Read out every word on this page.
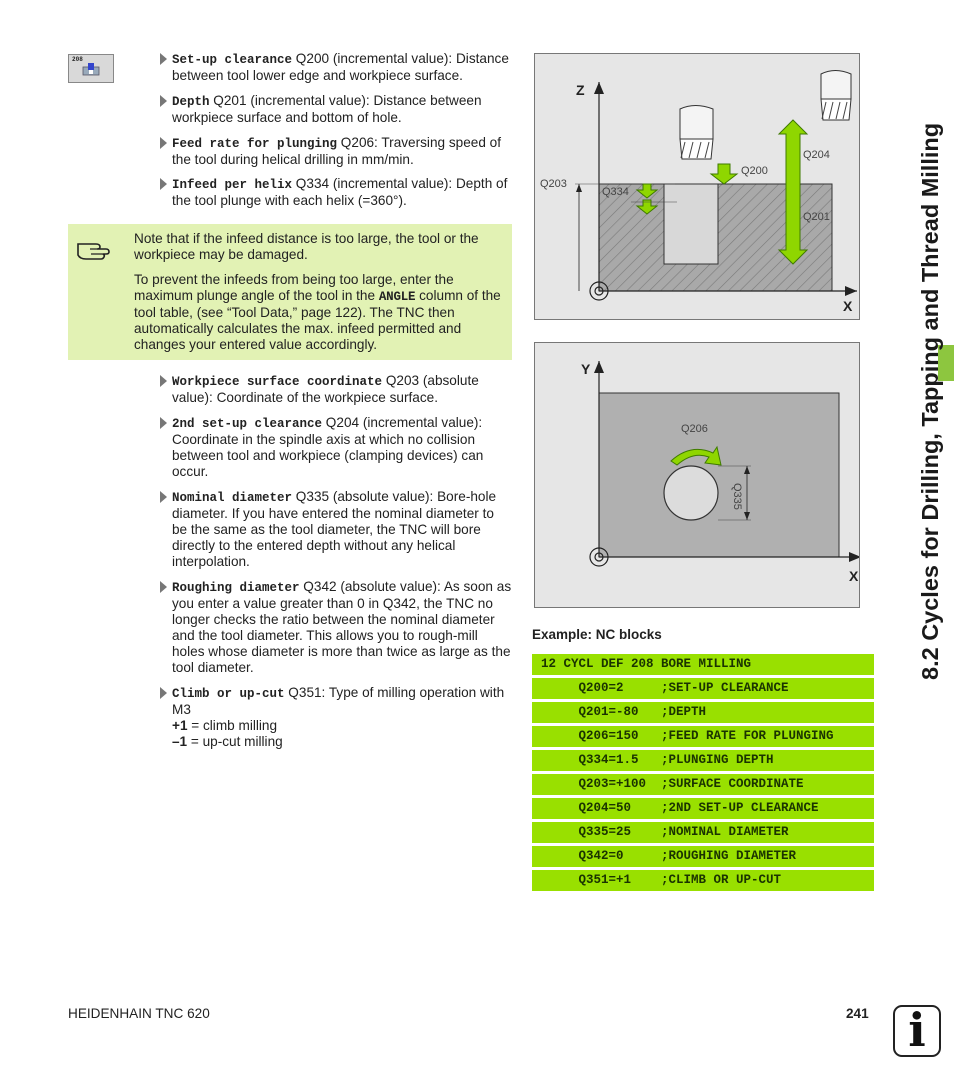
208	Set-up clearance Q200 (incremental value): Distance between tool lower edge and workpiece surface.
Depth Q201 (incremental value): Distance between workpiece surface and bottom of hole.
Feed rate for plunging Q206: Traversing speed of the tool during helical drilling in mm/min.
Infeed per helix Q334 (incremental value): Depth of the tool plunge with each helix (=360°).

Note that if the infeed distance is too large, the tool or the workpiece may be damaged.

To prevent the infeeds from being too large, enter the maximum plunge angle of the tool in the ANGLE column of the tool table, (see “Tool Data,” page 122). The TNC then automatically calculates the max. infeed permitted and changes your entered value accordingly.

Workpiece surface coordinate Q203 (absolute value): Coordinate of the workpiece surface.
2nd set-up clearance Q204 (incremental value): Coordinate in the spindle axis at which no collision between tool and workpiece (clamping devices) can occur.
Nominal diameter Q335 (absolute value): Bore-hole diameter. If you have entered the nominal diameter to be the same as the tool diameter, the TNC will bore directly to the entered depth without any helical interpolation.
Roughing diameter Q342 (absolute value): As soon as you enter a value greater than 0 in Q342, the TNC no longer checks the ratio between the nominal diameter and the tool diameter. This allows you to rough-mill holes whose diameter is more than twice as large as the tool diameter.
Climb or up-cut Q351: Type of milling operation with M3
+1 = climb milling
–1 = up-cut milling
Z
X
Q203
Q334
Q200
Q204
Q201
Y
X
Q206
Q335
Example: NC blocks
12 CYCL DEF 208 BORE MILLING
Q200=2     ;SET-UP CLEARANCE
Q201=-80   ;DEPTH
Q206=150   ;FEED RATE FOR PLUNGING
Q334=1.5   ;PLUNGING DEPTH
Q203=+100  ;SURFACE COORDINATE
Q204=50    ;2ND SET-UP CLEARANCE
Q335=25    ;NOMINAL DIAMETER
Q342=0     ;ROUGHING DIAMETER
Q351=+1    ;CLIMB OR UP-CUT
8.2 Cycles for Drilling, Tapping and Thread Milling
HEIDENHAIN TNC 620	241 i
